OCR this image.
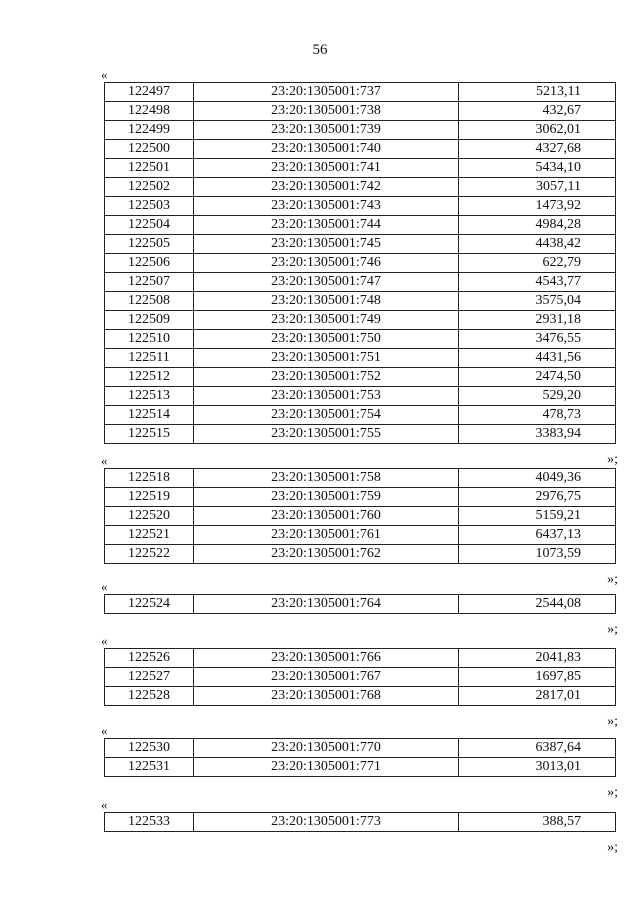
56
«
122497	23:20:1305001:737	5213,11
122498	23:20:1305001:738	432,67
122499	23:20:1305001:739	3062,01
122500	23:20:1305001:740	4327,68
122501	23:20:1305001:741	5434,10
122502	23:20:1305001:742	3057,11
122503	23:20:1305001:743	1473,92
122504	23:20:1305001:744	4984,28
122505	23:20:1305001:745	4438,42
122506	23:20:1305001:746	622,79
122507	23:20:1305001:747	4543,77
122508	23:20:1305001:748	3575,04
122509	23:20:1305001:749	2931,18
122510	23:20:1305001:750	3476,55
122511	23:20:1305001:751	4431,56
122512	23:20:1305001:752	2474,50
122513	23:20:1305001:753	529,20
122514	23:20:1305001:754	478,73
122515	23:20:1305001:755	3383,94
»;
«
122518	23:20:1305001:758	4049,36
122519	23:20:1305001:759	2976,75
122520	23:20:1305001:760	5159,21
122521	23:20:1305001:761	6437,13
122522	23:20:1305001:762	1073,59
»;
«
122524	23:20:1305001:764	2544,08
»;
«
122526	23:20:1305001:766	2041,83
122527	23:20:1305001:767	1697,85
122528	23:20:1305001:768	2817,01
»;
«
122530	23:20:1305001:770	6387,64
122531	23:20:1305001:771	3013,01
»;
«
122533	23:20:1305001:773	388,57
»;
